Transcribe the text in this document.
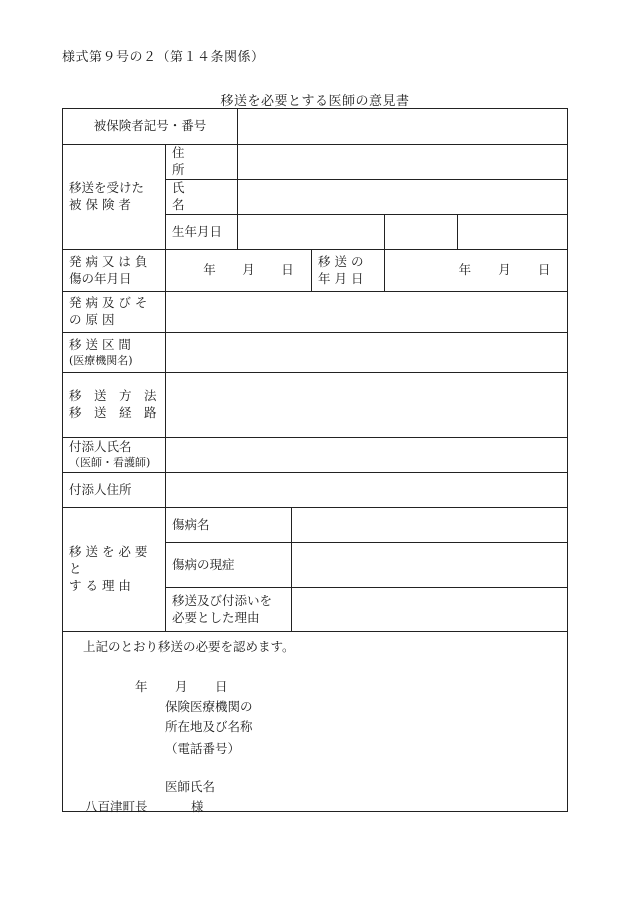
様式第９号の２（第１４条関係）
移送を必要とする医師の意見書
被保険者記号・番号
移送を受けた
被 保 険 者
住　　所
氏　　名
生年月日
発 病 又 は 負
傷の年月日
年 月 日
移 送 の
年 月 日
年 月 日
発 病 及 び そ
の 原 因
移 送 区 間
(医療機関名)
移　送　方　法
移　送　経　路
付添人氏名
（医師・看護師)
付添人住所
移 送 を 必 要 と
す る 理 由
傷病名
傷病の現症
移送及び付添いを
必要とした理由
上記のとおり移送の必要を認めます。
年 月 日
保険医療機関の
所在地及び名称
（電話番号）
医師氏名
八百津町長	様
